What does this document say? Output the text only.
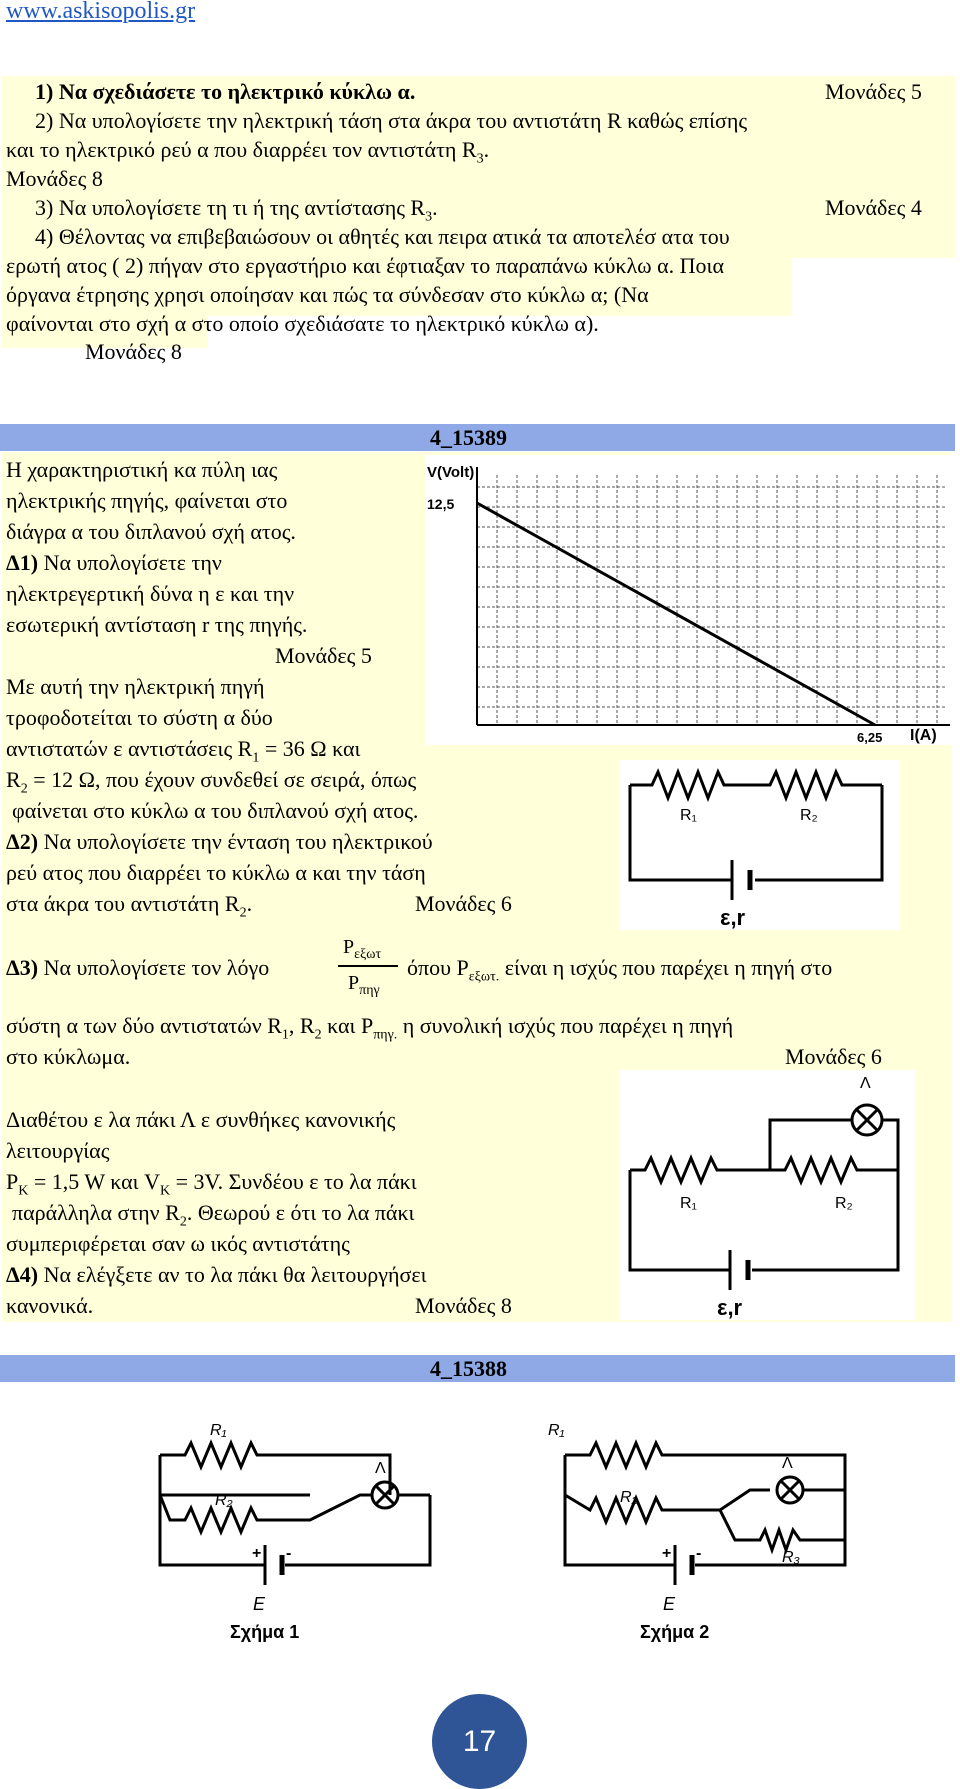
www.askisopolis.gr
1) Να σχεδιάσετε το ηλεκτρικό κύκλω α.	Μονάδες 5
2) Να υπολογίσετε την ηλεκτρική τάση στα άκρα του αντιστάτη R καθώς επίσης
και το ηλεκτρικό ρεύ α που διαρρέει τον αντιστάτη $R_3$.
Μονάδες 8
3) Να υπολογίσετε τη τι ή της αντίστασης $R_3$.	Μονάδες 4
4) Θέλοντας να επιβεβαιώσουν οι αθητές και πειρα ατικά τα αποτελέσ ατα του
ερωτή ατος ( 2) πήγαν στο εργαστήριο και έφτιαξαν το παραπάνω κύκλω α. Ποια
όργανα έτρησης χρησι οποίησαν και πώς τα σύνδεσαν στο κύκλω α; (Να
φαίνονται στο σχή α στο οποίο σχεδιάσατε το ηλεκτρικό κύκλω α).
Μονάδες 8
4_15389
Η χαρακτηριστική κα πύλη ιας
ηλεκτρικής πηγής, φαίνεται στο
διάγρα α του διπλανού σχή ατος.
Δ1) Να υπολογίσετε την
ηλεκτρεγερτική δύνα η ε και την
εσωτερική αντίσταση r της πηγής.
Μονάδες 5
Με αυτή την ηλεκτρική πηγή
τροφοδοτείται το σύστη α δύο
αντιστατών ε αντιστάσεις $R_1 = 36$ Ω και
$R_2 = 12$ Ω, που έχουν συνδεθεί σε σειρά, όπως
φαίνεται στο κύκλω α του διπλανού σχή ατος.
Δ2) Να υπολογίσετε την ένταση του ηλεκτρικού
ρεύ ατος που διαρρέει το κύκλω α και την τάση
στα άκρα του αντιστάτη $R_2$.	Μονάδες 6
Δ3) Να υπολογίσετε τον λόγο
$P_{\varepsilon\xi\omega\tau}$
$P_{\pi\eta\gamma}$
όπου $P_{\varepsilon\xi\omega\tau.}$ είναι η ισχύς που παρέχει η πηγή στο
σύστη α των δύο αντιστατών $R_1$, $R_2$ και $P_{\pi\eta\gamma.}$ η συνολική ισχύς που παρέχει η πηγή
στο κύκλωμα.	Μονάδες 6
Διαθέτου ε λα πάκι Λ ε συνθήκες κανονικής
λειτουργίας
$P_K = 1,5$ W και $V_K = 3V$. Συνδέου ε το λα πάκι
παράλληλα στην $R_2$. Θεωρού ε ότι το λα πάκι
συμπεριφέρεται σαν ω ικός αντιστάτης
Δ4) Να ελέγξετε αν το λα πάκι θα λειτουργήσει
κανονικά.	Μονάδες 8
12,5
V(Volt)
6,25 I(A)
R₁	R₂
ε,r
Λ
R₁	R₂
ε,r
4_15388
R₁
R₂
Λ
+ -
E
Σχήμα 1
R₁
R₂
Λ
R₃
+ -
E
Σχήμα 2
17
